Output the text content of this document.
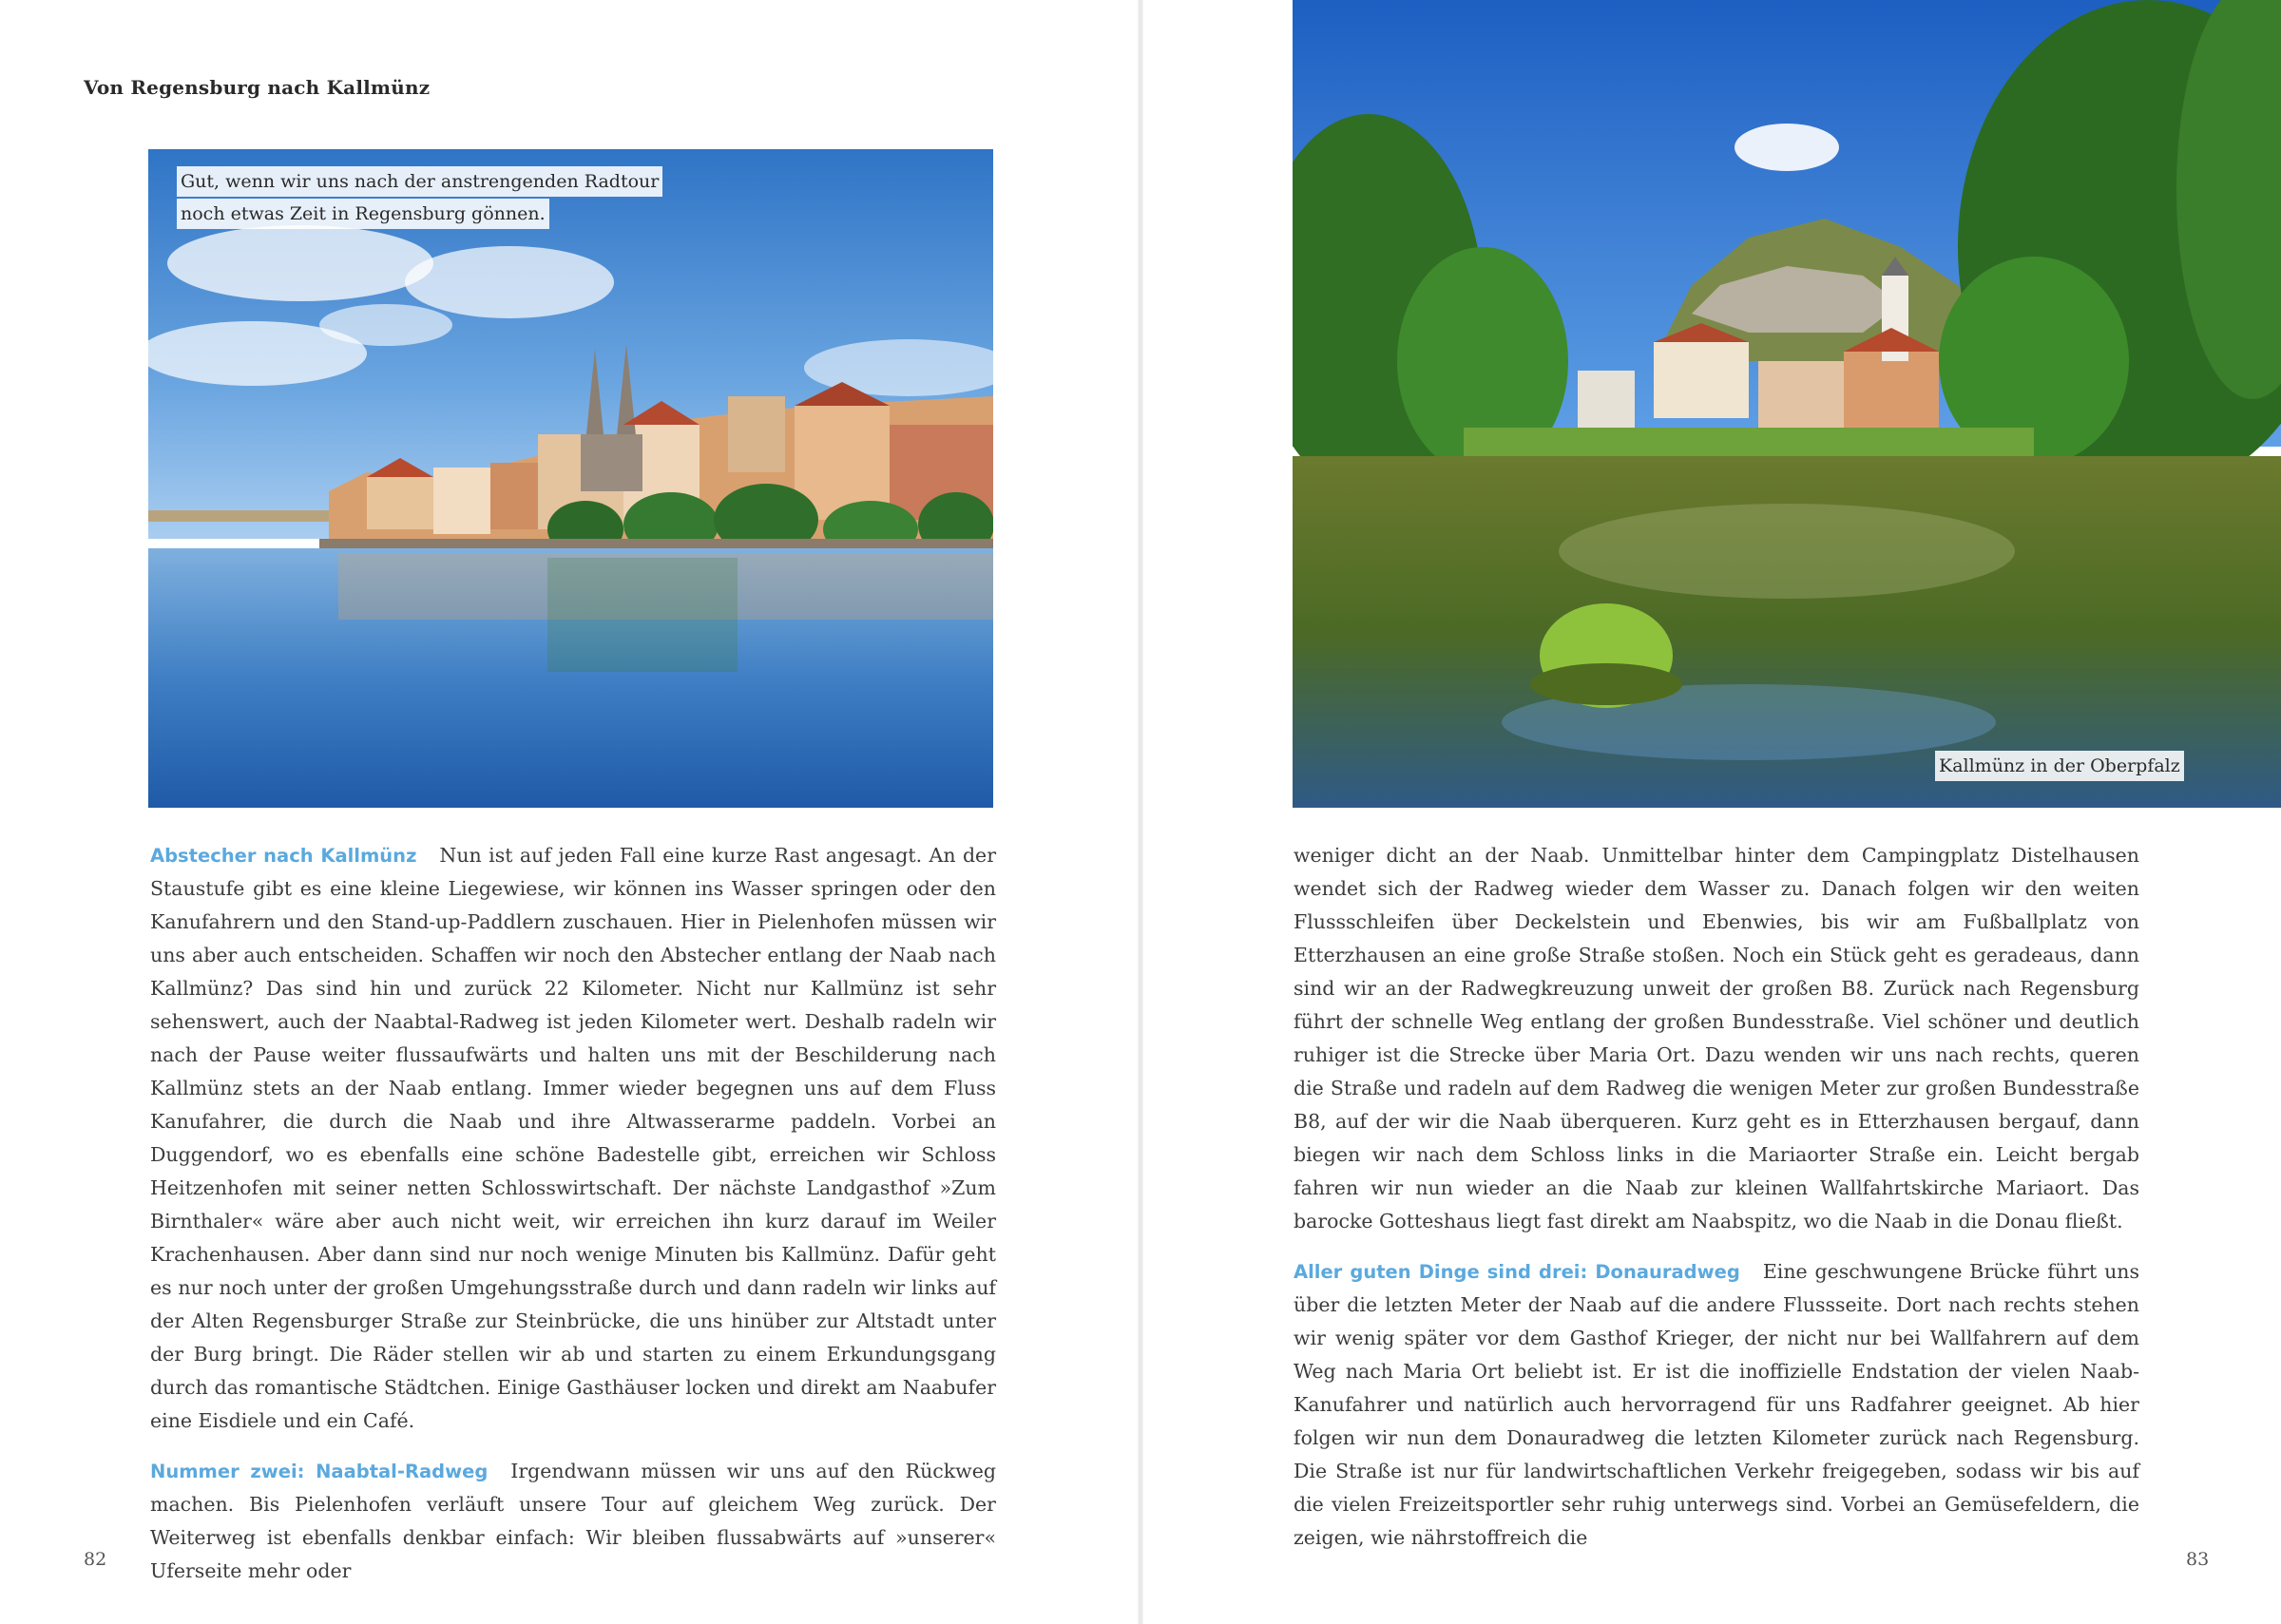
Von Regensburg nach Kallmünz
Gut, wenn wir uns nach der anstrengenden Radtour
noch etwas Zeit in Regensburg gönnen.
Kallmünz in der Oberpfalz

Abstecher nach Kallmünz Nun ist auf jeden Fall eine kurze Rast angesagt. An der Staustufe gibt es eine kleine Liegewiese, wir können ins Wasser springen oder den Kanufahrern und den Stand-up-Paddlern zuschauen. Hier in Pielenhofen müssen wir uns aber auch entscheiden. Schaffen wir noch den Abstecher entlang der Naab nach Kallmünz? Das sind hin und zurück 22 Kilometer. Nicht nur Kallmünz ist sehr sehenswert, auch der Naabtal-Radweg ist jeden Kilometer wert. Deshalb radeln wir nach der Pause weiter flussaufwärts und halten uns mit der Beschilderung nach Kallmünz stets an der Naab entlang. Immer wieder begegnen uns auf dem Fluss Kanufahrer, die durch die Naab und ihre Altwasserarme paddeln. Vorbei an Duggendorf, wo es ebenfalls eine schöne Badestelle gibt, erreichen wir Schloss Heitzenhofen mit seiner netten Schlosswirtschaft. Der nächste Landgasthof »Zum Birnthaler« wäre aber auch nicht weit, wir erreichen ihn kurz darauf im Weiler Krachenhausen. Aber dann sind nur noch wenige Minuten bis Kallmünz. Dafür geht es nur noch unter der großen Umgehungsstraße durch und dann radeln wir links auf der Alten Regensburger Straße zur Steinbrücke, die uns hinüber zur Altstadt unter der Burg bringt. Die Räder stellen wir ab und starten zu einem Erkundungsgang durch das romantische Städtchen. Einige Gasthäuser locken und direkt am Naabufer eine Eisdiele und ein Café.

Nummer zwei: Naabtal-Radweg Irgendwann müssen wir uns auf den Rückweg machen. Bis Pielenhofen verläuft unsere Tour auf gleichem Weg zurück. Der Weiterweg ist ebenfalls denkbar einfach: Wir bleiben flussabwärts auf »unserer« Uferseite mehr oder

weniger dicht an der Naab. Unmittelbar hinter dem Campingplatz Distelhausen wendet sich der Radweg wieder dem Wasser zu. Danach folgen wir den weiten Flussschleifen über Deckelstein und Ebenwies, bis wir am Fußballplatz von Etterzhausen an eine große Straße stoßen. Noch ein Stück geht es geradeaus, dann sind wir an der Radwegkreuzung unweit der großen B8. Zurück nach Regensburg führt der schnelle Weg entlang der großen Bundesstraße. Viel schöner und deutlich ruhiger ist die Strecke über Maria Ort. Dazu wenden wir uns nach rechts, queren die Straße und radeln auf dem Radweg die wenigen Meter zur großen Bundesstraße B8, auf der wir die Naab überqueren. Kurz geht es in Etterzhausen bergauf, dann biegen wir nach dem Schloss links in die Mariaorter Straße ein. Leicht bergab fahren wir nun wieder an die Naab zur kleinen Wallfahrtskirche Mariaort. Das barocke Gotteshaus liegt fast direkt am Naabspitz, wo die Naab in die Donau fließt.

Aller guten Dinge sind drei: Donauradweg Eine geschwungene Brücke führt uns über die letzten Meter der Naab auf die andere Flussseite. Dort nach rechts stehen wir wenig später vor dem Gasthof Krieger, der nicht nur bei Wallfahrern auf dem Weg nach Maria Ort beliebt ist. Er ist die inoffizielle Endstation der vielen Naab-Kanufahrer und natürlich auch hervorragend für uns Radfahrer geeignet. Ab hier folgen wir nun dem Donauradweg die letzten Kilometer zurück nach Regensburg. Die Straße ist nur für landwirtschaftlichen Verkehr freigegeben, sodass wir bis auf die vielen Freizeitsportler sehr ruhig unterwegs sind. Vorbei an Gemüsefeldern, die zeigen, wie nährstoffreich die

82	83
